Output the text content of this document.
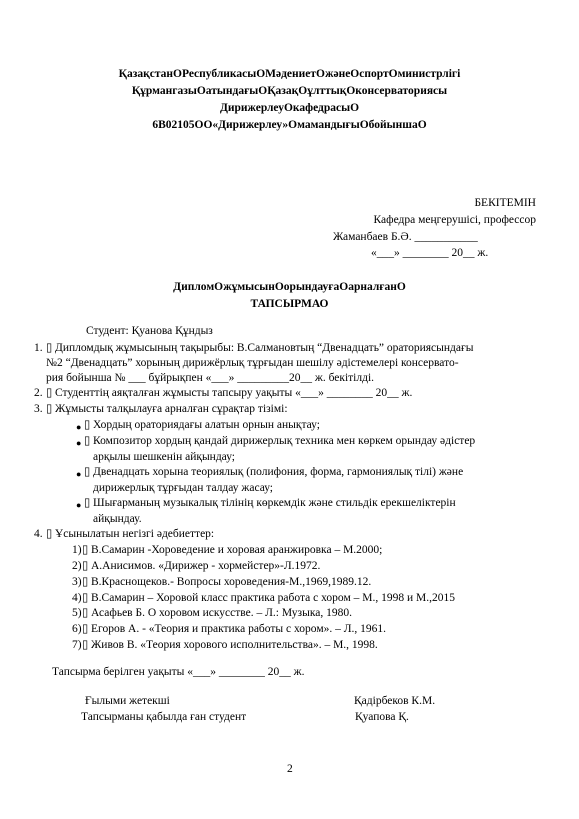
ҚазақстанОРеспубликасыОМәдениетОжәнеОспортОминистрлігі
ҚұрмангазыОатындағыОҚазақОұлттықОконсерваториясы
ДирижерлеуОкафедрасыО
6В02105ОО«Дирижерлеу»ОмамандығыОбойыншаО
БЕКІТЕМІН
Кафедра меңгерушісі, профессор
Жаманбаев Б.Ә. ___________
«___» ________ 20__ ж.
ДипломОжұмысынОорындауғаОарналғанО
ТАПСЫРМАО
Студент: Қуанова Құндыз
1. ▯ Дипломдық жұмысының тақырыбы: В.Салмановтың “Двенадцать” ораториясындағы
№2 “Двенадцать” хорының дирижёрлық тұрғыдан шешілу әдістемелері консервато-
рия бойынша № ___ бұйрықпен «___» _________20__ ж. бекітілді.
2. ▯ Студенттің аяқталған жұмысты тапсыру уақыты «___» ________ 20__ ж.
3. ▯ Жұмысты талқылауға арналған сұрақтар тізімі:
● ▯ Хордың ораториядағы алатын орнын анықтау;
● ▯ Композитор хордың қандай дирижерлық техника мен көркем орындау әдістер
арқылы шешкенін айқындау;
● ▯ Двенадцать хорына теориялық (полифония, форма, гармониялық тілі) және
дирижерлық тұрғыдан талдау жасау;
● ▯ Шығарманың музыкалық тілінің көркемдік және стильдік ерекшеліктерін
айқындау.
4. ▯ Ұсынылатын негізгі әдебиеттер:
1) ▯ В.Самарин -Хороведение и хоровая аранжировка – М.2000;
2) ▯ А.Анисимов. «Дирижер - хормейстер»-Л.1972.
3) ▯ В.Краснощеков.- Вопросы хороведения-М.,1969,1989.12.
4) ▯ В.Самарин – Хоровой класс практика работа с хором – М., 1998 и М.,2015
5) ▯ Асафьев Б. О хоровом искусстве. – Л.: Музыка, 1980.
6) ▯ Егоров А. - «Теория и практика работы с хором». – Л., 1961.
7) ▯ Живов В. «Теория хорового исполнительства». – М., 1998.
Тапсырма берілген уақыты «___» ________ 20__ ж.
Ғылыми жетекші	Қадірбеков К.М.
Тапсырманы қабылда ған студент	Қуапова Қ.
2
